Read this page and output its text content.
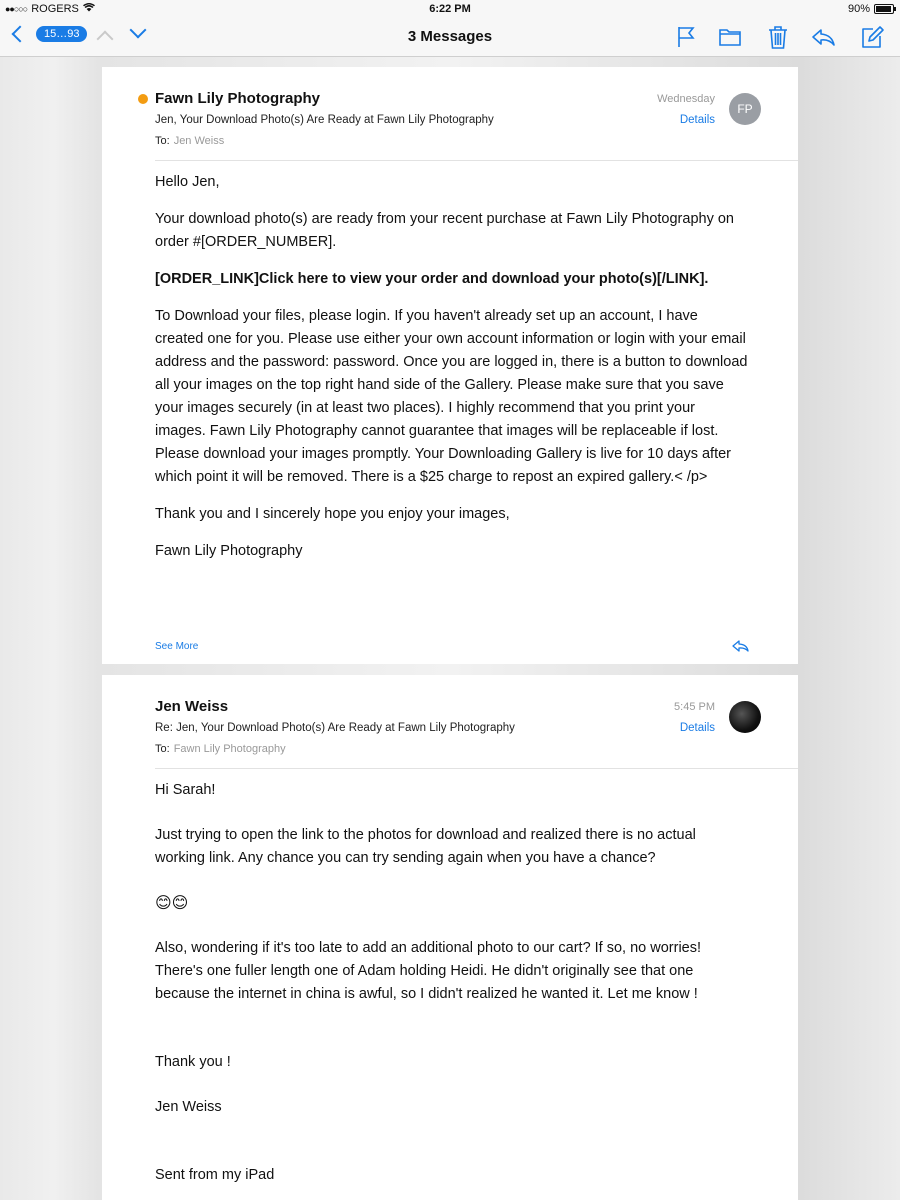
●●○○○ ROGERS	6:22 PM	90%
15…93	3 Messages
Fawn Lily Photography
Jen, Your Download Photo(s) Are Ready at Fawn Lily Photography
To: Jen Weiss
Wednesday
Details
FP

Hello Jen,

Your download photo(s) are ready from your recent purchase at Fawn Lily Photography on order #[ORDER_NUMBER].

[ORDER_LINK]Click here to view your order and download your photo(s)[/LINK].

To Download your files, please login. If you haven't already set up an account, I have created one for you. Please use either your own account information or login with your email address and the password: password. Once you are logged in, there is a button to download all your images on the top right hand side of the Gallery. Please make sure that you save your images securely (in at least two places). I highly recommend that you print your images. Fawn Lily Photography cannot guarantee that images will be replaceable if lost. Please download your images promptly. Your Downloading Gallery is live for 10 days after which point it will be removed. There is a $25 charge to repost an expired gallery.< /p>

Thank you and I sincerely hope you enjoy your images,

Fawn Lily Photography

See More
Jen Weiss
Re: Jen, Your Download Photo(s) Are Ready at Fawn Lily Photography
To: Fawn Lily Photography
5:45 PM
Details

Hi Sarah!

Just trying to open the link to the photos for download and realized there is no actual working link. Any chance you can try sending again when you have a chance?

😊😊

Also, wondering if it's too late to add an additional photo to our cart? If so, no worries! There's one fuller length one of Adam holding Heidi. He didn't originally see that one because the internet in china is awful, so I didn't realized he wanted it. Let me know !

Thank you !

Jen Weiss

Sent from my iPad
